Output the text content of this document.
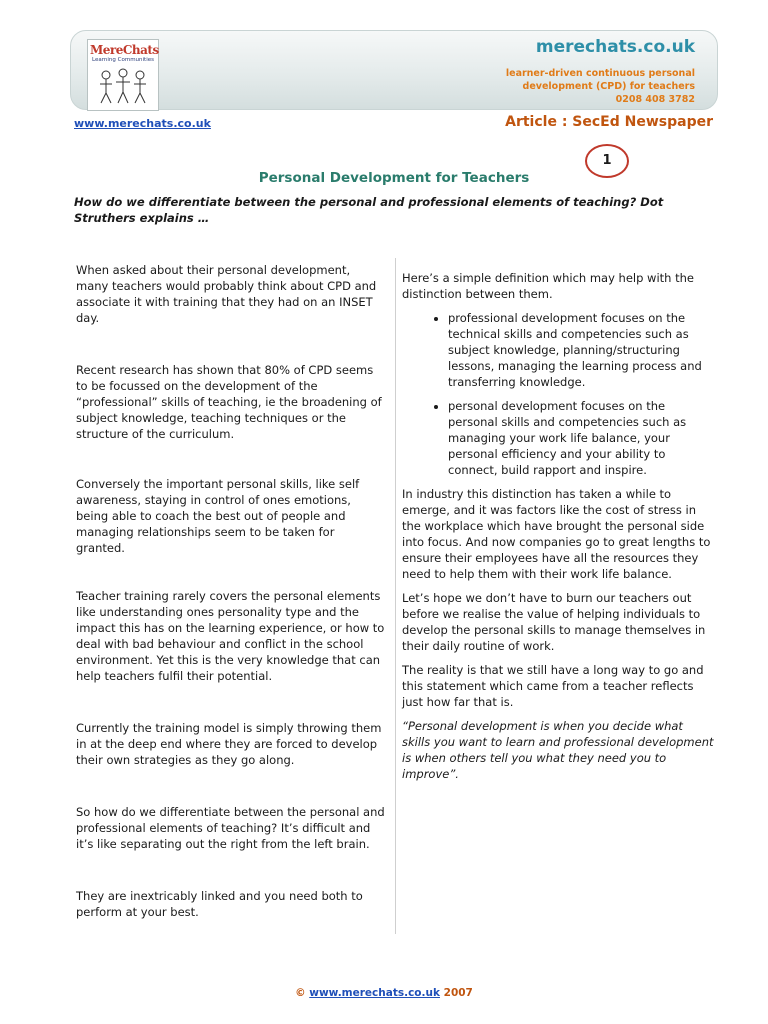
MereChats
Learning Communities
merechats.co.uk
learner-driven continuous personal
development (CPD) for teachers
0208 408 3782
www.merechats.co.uk	Article : SecEd Newspaper
1
Personal Development for Teachers
How do we differentiate between the personal and professional elements of teaching? Dot Struthers explains …

When asked about their personal development, many teachers would probably think about CPD and associate it with training that they had on an INSET day.

Recent research has shown that 80% of CPD seems to be focussed on the development of the “professional” skills of teaching, ie the broadening of subject knowledge, teaching techniques or the structure of the curriculum.

Conversely the important personal skills, like self awareness, staying in control of ones emotions, being able to coach the best out of people and managing relationships seem to be taken for granted.

Teacher training rarely covers the personal elements like understanding ones personality type and the impact this has on the learning experience, or how to deal with bad behaviour and conflict in the school environment. Yet this is the very knowledge that can help teachers fulfil their potential.

Currently the training model is simply throwing them in at the deep end where they are forced to develop their own strategies as they go along.

So how do we differentiate between the personal and professional elements of teaching? It’s difficult and it’s like separating out the right from the left brain.

They are inextricably linked and you need both to perform at your best.

Here’s a simple definition which may help with the distinction between them.

• professional development focuses on the technical skills and competencies such as subject knowledge, planning/structuring lessons, managing the learning process and transferring knowledge.
• personal development focuses on the personal skills and competencies such as managing your work life balance, your personal efficiency and your ability to connect, build rapport and inspire.

In industry this distinction has taken a while to emerge, and it was factors like the cost of stress in the workplace which have brought the personal side into focus. And now companies go to great lengths to ensure their employees have all the resources they need to help them with their work life balance.

Let’s hope we don’t have to burn our teachers out before we realise the value of helping individuals to develop the personal skills to manage themselves in their daily routine of work.

The reality is that we still have a long way to go and this statement which came from a teacher reflects just how far that is.

“Personal development is when you decide what skills you want to learn and professional development is when others tell you what they need you to improve”.

© www.merechats.co.uk 2007
